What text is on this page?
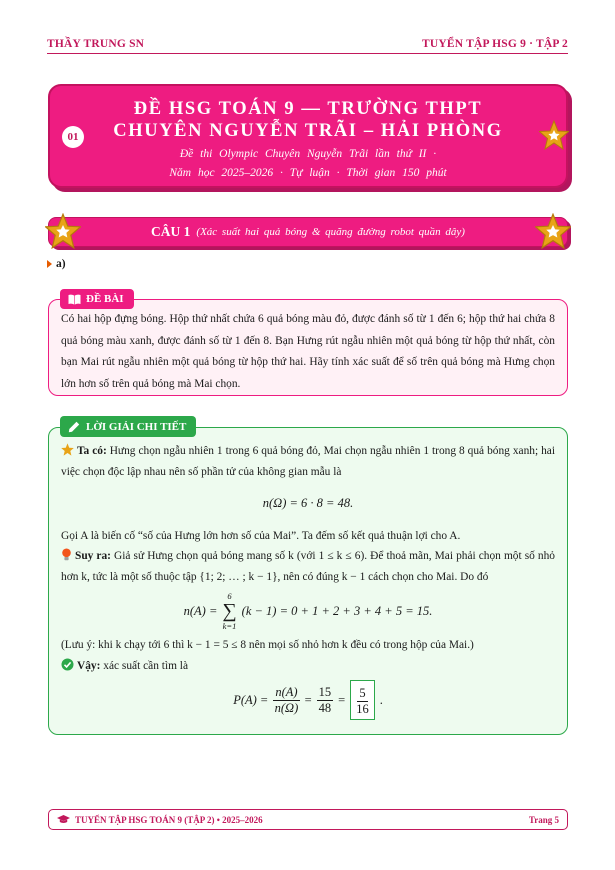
THẦY TRUNG SN	TUYỂN TẬP HSG 9 · TẬP 2
01
ĐỀ HSG TOÁN 9 — TRƯỜNG THPT
CHUYÊN NGUYỄN TRÃI – HẢI PHÒNG
Đề thi Olympic Chuyên Nguyễn Trãi lần thứ II ·
Năm học 2025–2026 · Tự luận · Thời gian 150 phút
CÂU 1 (Xác suất hai quả bóng & quãng đường robot quần dây)
a)
ĐỀ BÀI

Có hai hộp đựng bóng. Hộp thứ nhất chứa 6 quả bóng màu đỏ, được đánh số từ 1 đến 6; hộp thứ hai chứa 8 quả bóng màu xanh, được đánh số từ 1 đến 8. Bạn Hưng rút ngẫu nhiên một quả bóng từ hộp thứ nhất, còn bạn Mai rút ngẫu nhiên một quả bóng từ hộp thứ hai. Hãy tính xác suất để số trên quả bóng mà Hưng chọn lớn hơn số trên quả bóng mà Mai chọn.

LỜI GIẢI CHI TIẾT

Ta có: Hưng chọn ngẫu nhiên 1 trong 6 quả bóng đỏ, Mai chọn ngẫu nhiên 1 trong 8 quả bóng xanh; hai việc chọn độc lập nhau nên số phần tử của không gian mẫu là

n(Ω) = 6 · 8 = 48.

Gọi A là biến cố “số của Hưng lớn hơn số của Mai”. Ta đếm số kết quả thuận lợi cho A.

Suy ra: Giả sử Hưng chọn quả bóng mang số k (với 1 ≤ k ≤ 6). Để thoả mãn, Mai phải chọn một số nhỏ hơn k, tức là một số thuộc tập {1; 2; … ; k − 1}, nên có đúng k − 1 cách chọn cho Mai. Do đó

n(A) =
6
∑
k=1
(k − 1) = 0 + 1 + 2 + 3 + 4 + 5 = 15.

(Lưu ý: khi k chạy tới 6 thì k − 1 = 5 ≤ 8 nên mọi số nhỏ hơn k đều có trong hộp của Mai.)

Vậy: xác suất cần tìm là

$P(A) = \frac{n(A)}{n(\Omega)} = \frac{15}{48} = \frac{5}{16}$ .
TUYỂN TẬP HSG TOÁN 9 (TẬP 2) • 2025–2026	Trang 5
